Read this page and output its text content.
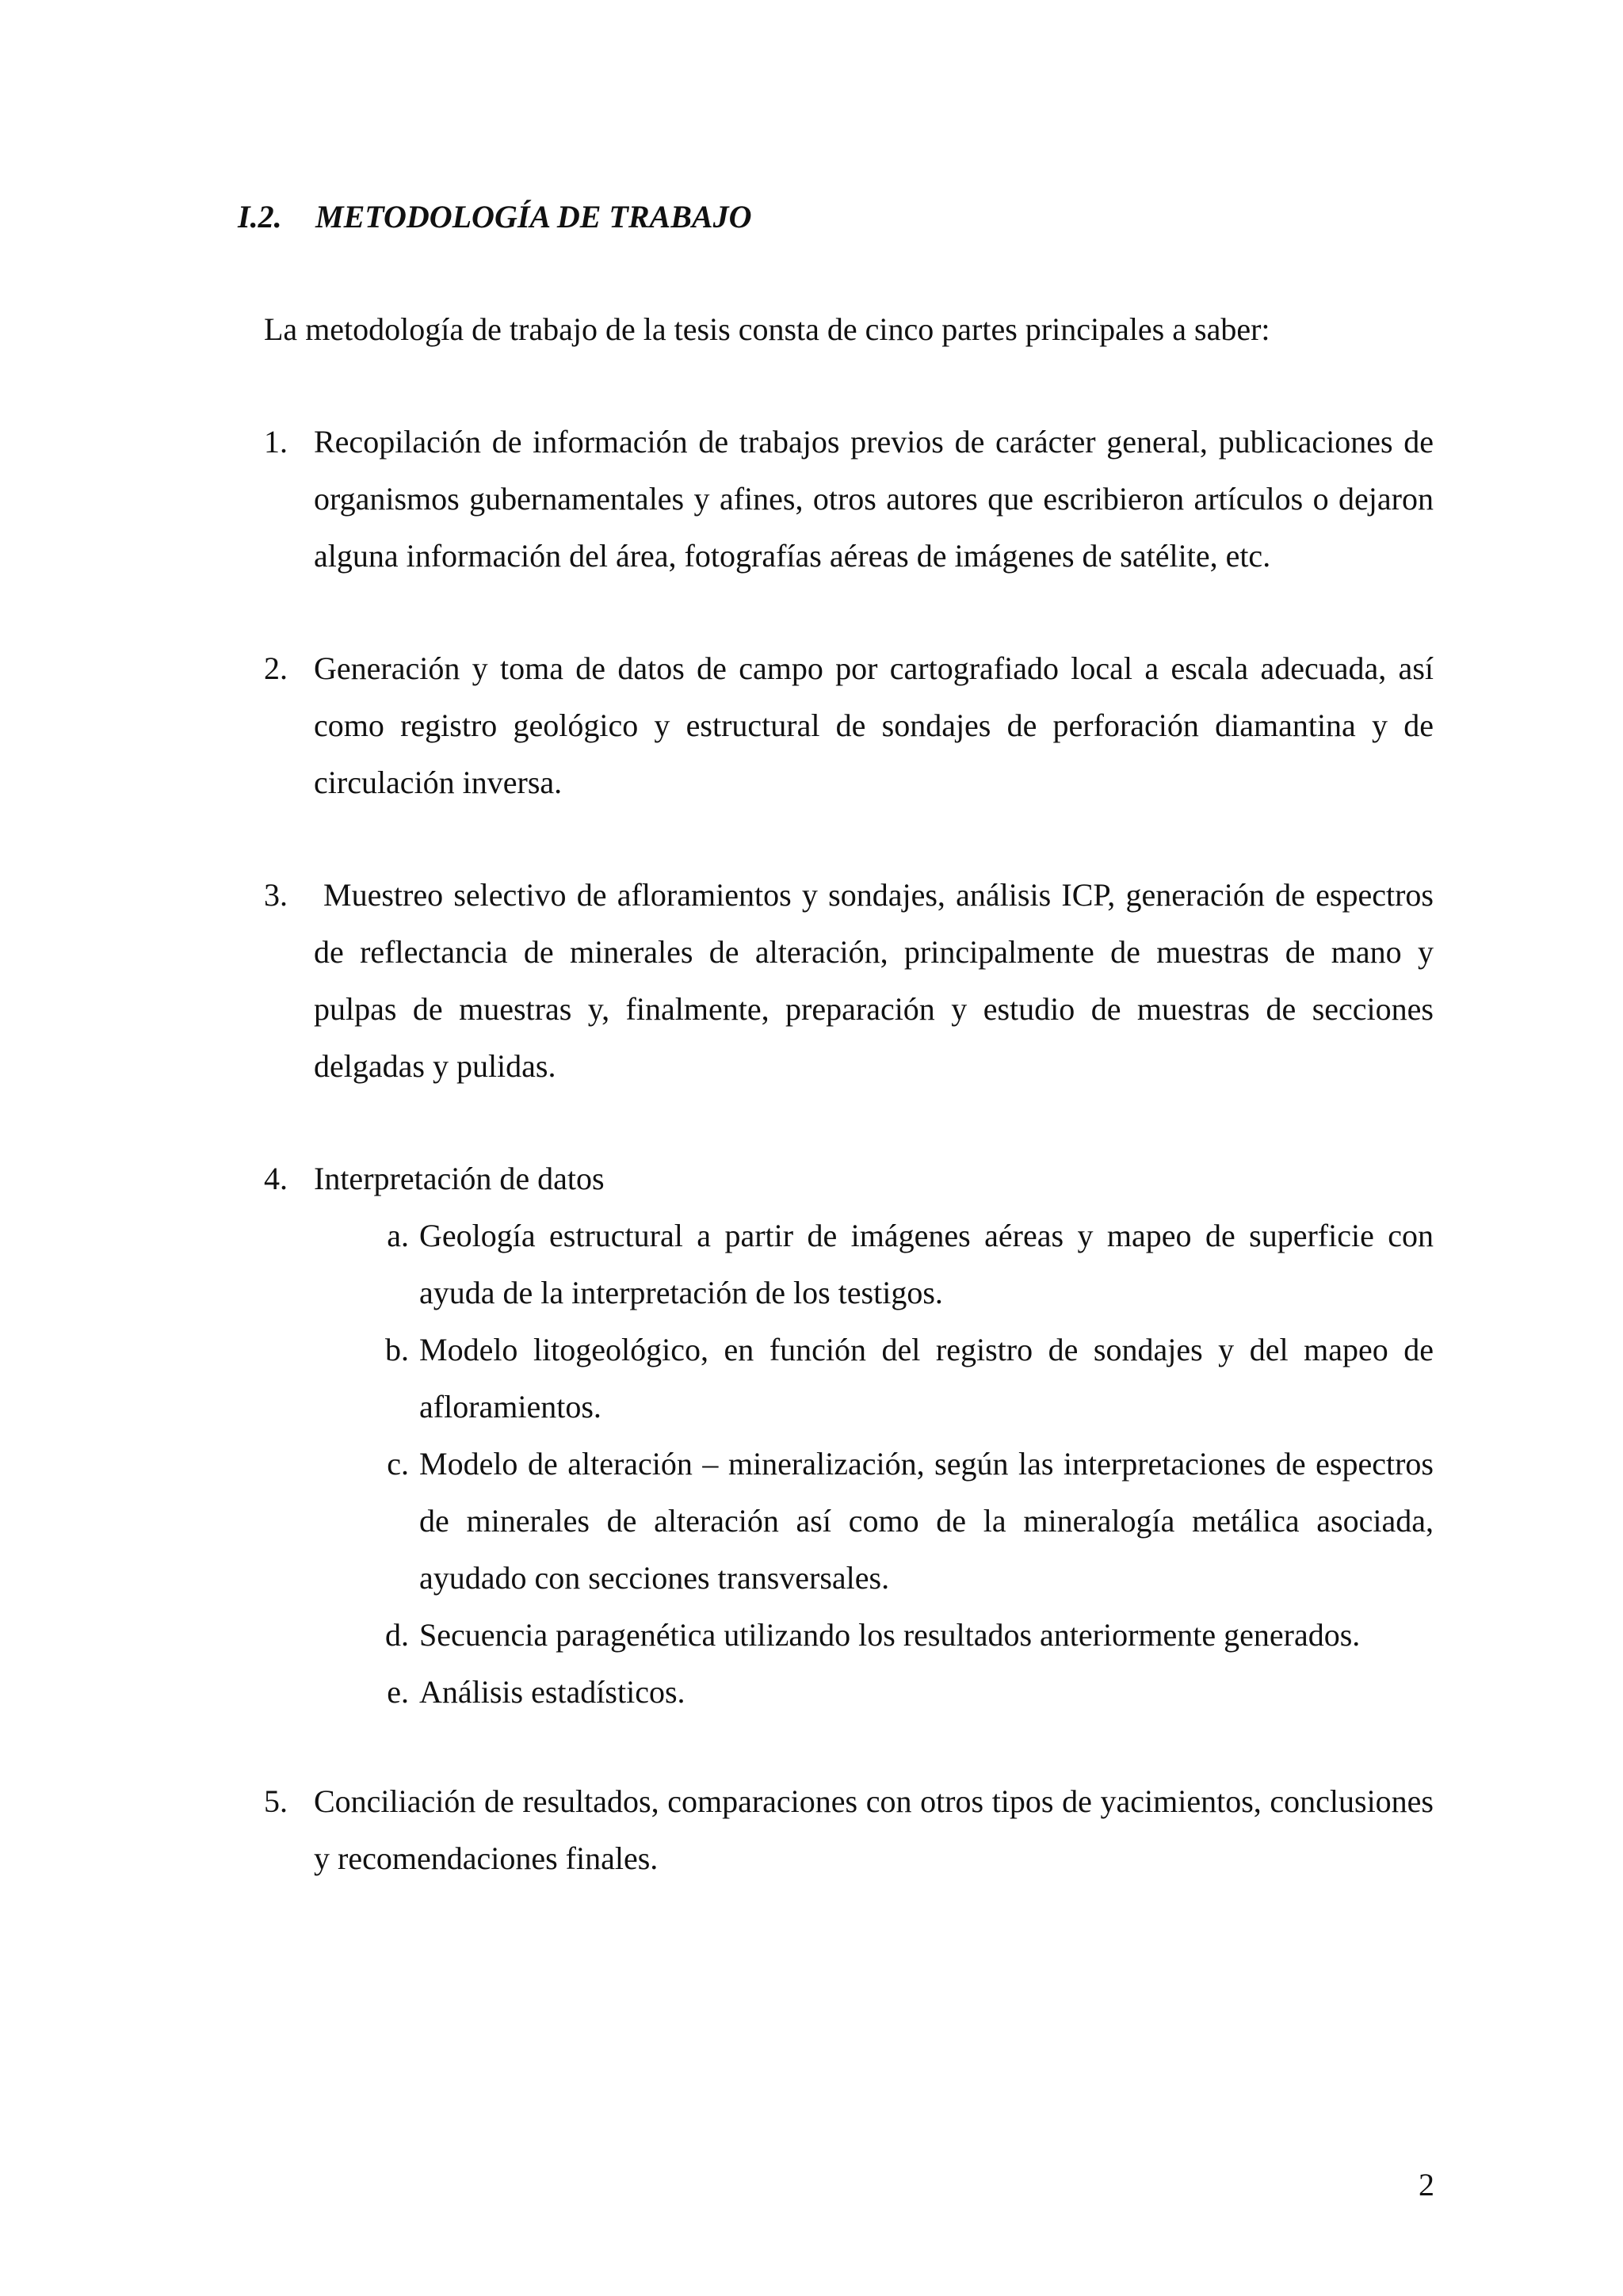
I.2. METODOLOGÍA DE TRABAJO
La metodología de trabajo de la tesis consta de cinco partes principales a saber:
1. Recopilación de información de trabajos previos de carácter general, publicaciones de organismos gubernamentales y afines, otros autores que escribieron artículos o dejaron alguna información del área, fotografías aéreas de imágenes de satélite, etc.
2. Generación y toma de datos de campo por cartografiado local a escala adecuada, así como registro geológico y estructural de sondajes de perforación diamantina y de circulación inversa.
3.	Muestreo selectivo de afloramientos y sondajes, análisis ICP, generación de espectros de reflectancia de minerales de alteración, principalmente de muestras de mano y pulpas de muestras y, finalmente, preparación y estudio de muestras de secciones delgadas y pulidas.
4. Interpretación de datos
a. Geología estructural a partir de imágenes aéreas y mapeo de superficie con ayuda de la interpretación de los testigos.
b. Modelo litogeológico, en función del registro de sondajes y del mapeo de afloramientos.
c. Modelo de alteración – mineralización, según las interpretaciones de espectros de minerales de alteración así como de la mineralogía metálica asociada, ayudado con secciones transversales.
d. Secuencia paragenética utilizando los resultados anteriormente generados.
e. Análisis estadísticos.
5. Conciliación de resultados, comparaciones con otros tipos de yacimientos, conclusiones y recomendaciones finales.
2
